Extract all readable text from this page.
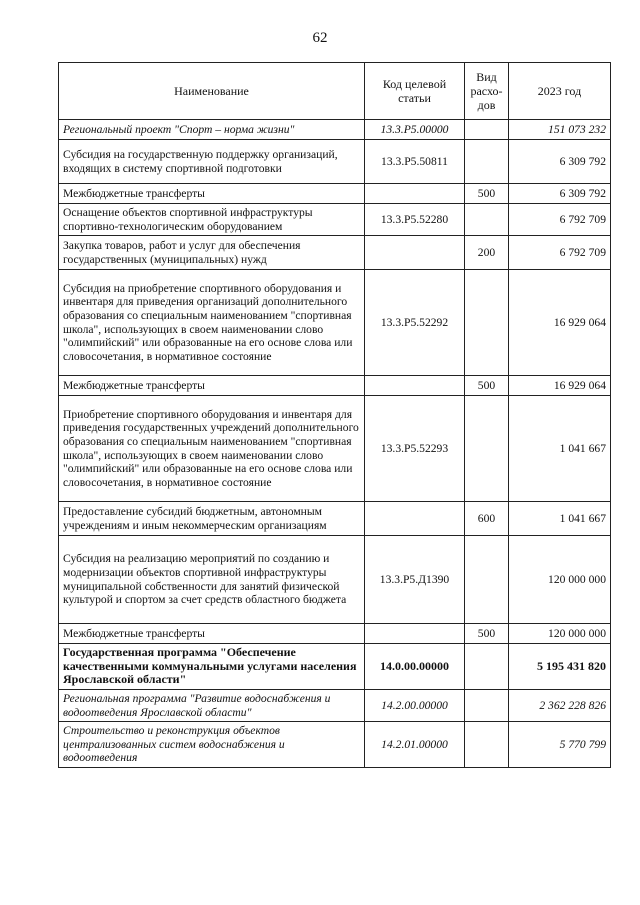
62
Наименование	Код целевой статьи	Вид расхо-дов	2023 год
Региональный проект "Спорт – норма жизни"	13.3.Р5.00000		151 073 232
Субсидия на государственную поддержку организаций, входящих в систему спортивной подготовки	13.3.Р5.50811		6 309 792
Межбюджетные трансферты		500	6 309 792
Оснащение объектов спортивной инфраструктуры спортивно-технологическим оборудованием	13.3.Р5.52280		6 792 709
Закупка товаров, работ и услуг для обеспечения государственных (муниципальных) нужд		200	6 792 709
Субсидия на приобретение спортивного оборудования и инвентаря для приведения организаций дополнительного образования со специальным наименованием "спортивная школа", использующих в своем наименовании слово "олимпийский" или образованные на его основе слова или словосочетания, в нормативное состояние	13.3.Р5.52292		16 929 064
Межбюджетные трансферты		500	16 929 064
Приобретение спортивного оборудования и инвентаря для приведения государственных учреждений дополнительного образования со специальным наименованием "спортивная школа", использующих в своем наименовании слово "олимпийский" или образованные на его основе слова или словосочетания, в нормативное состояние	13.3.Р5.52293		1 041 667
Предоставление субсидий бюджетным, автономным учреждениям и иным некоммерческим организациям		600	1 041 667
Субсидия на реализацию мероприятий по созданию и модернизации объектов спортивной инфраструктуры муниципальной собственности для занятий физической культурой и спортом за счет средств областного бюджета	13.3.Р5.Д1390		120 000 000
Межбюджетные трансферты		500	120 000 000
Государственная программа "Обеспечение качественными коммунальными услугами населения Ярославской области"	14.0.00.00000		5 195 431 820
Региональная программа "Развитие водоснабжения и водоотведения Ярославской области"	14.2.00.00000		2 362 228 826
Строительство и реконструкция объектов централизованных систем водоснабжения и водоотведения	14.2.01.00000		5 770 799
